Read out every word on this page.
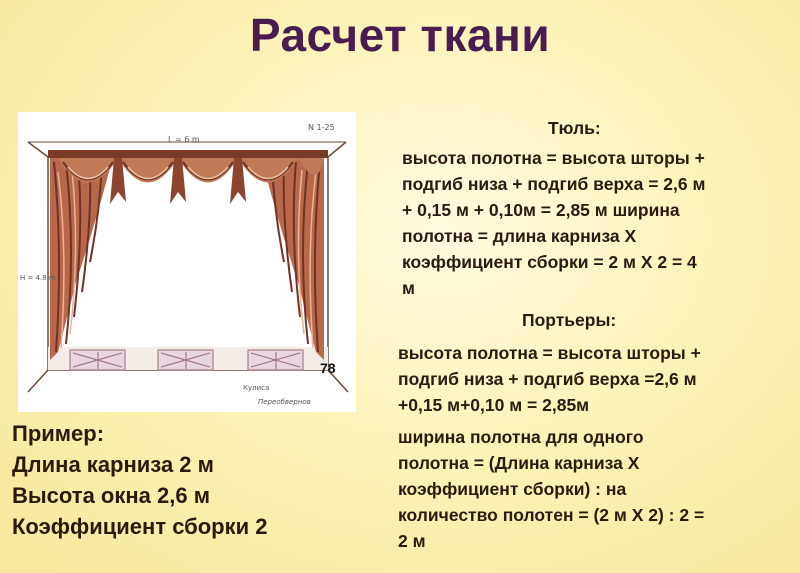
Расчет ткани
L = 6 m
N 1-25
H = 4.8 m
Кулиса
Переобвернов
78
Пример:
Длина карниза 2 м
Высота окна 2,6 м
Коэффициент сборки 2
Тюль:
высота полотна = высота шторы +
подгиб низа + подгиб верха = 2,6 м
+ 0,15 м + 0,10м = 2,85 м ширина
полотна = длина карниза Х
коэффициент сборки = 2 м Х 2 = 4
м
Портьеры:
высота полотна = высота шторы +
подгиб низа + подгиб верха =2,6 м
+0,15 м+0,10 м = 2,85м
ширина полотна для одного
полотна = (Длина карниза Х
коэффициент сборки) : на
количество полотен = (2 м Х 2) : 2 =
2 м
